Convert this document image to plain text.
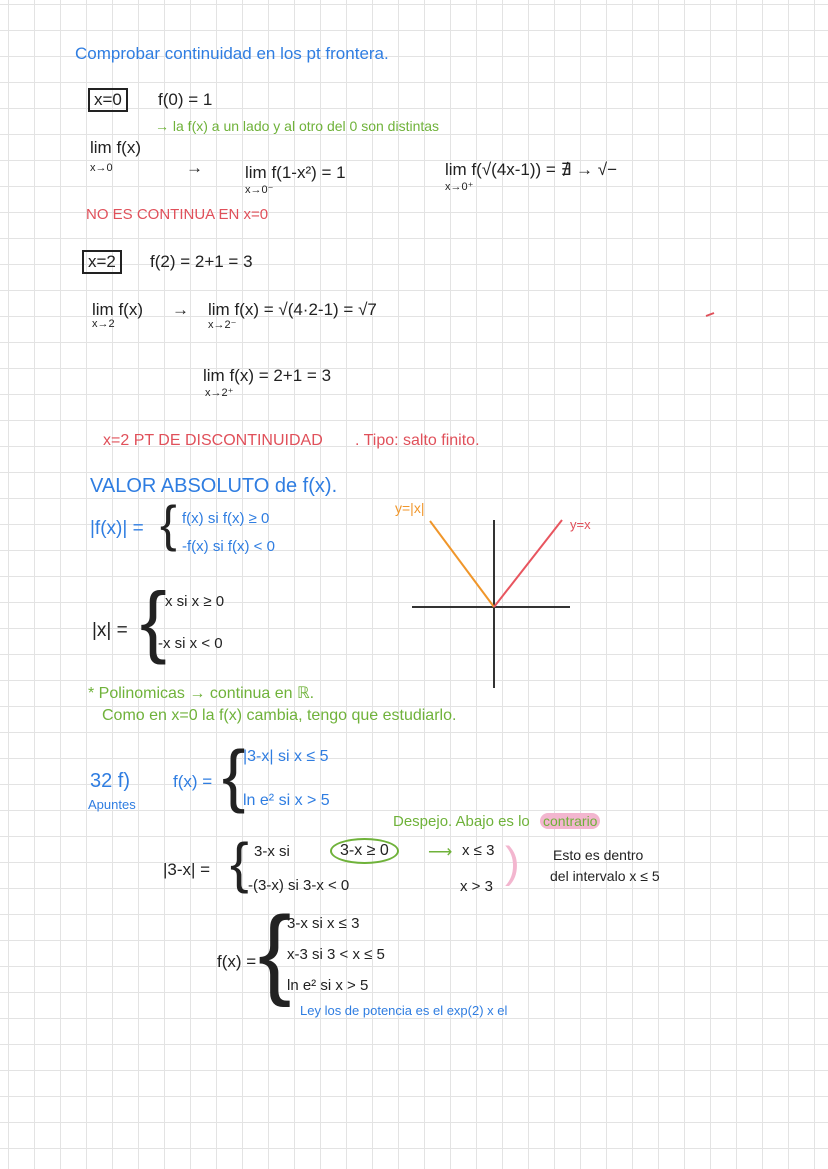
Comprobar continuidad en los pt frontera.
x=0	f(0) = 1
→ la f(x) a un lado y al otro del 0 son distintas
lim f(x)
x→0	→ lim f(1-x²) = 1
x→0⁻
lim f(√(4x-1)) = ∄ → √−
x→0⁺
NO ES CONTINUA EN x=0
x=2	f(2) = 2+1 = 3
lim f(x)
x→2
→ lim f(x) = √(4·2-1) = √7
x→2⁻
lim f(x) = 2+1 = 3
x→2⁺
x=2 PT DE DISCONTINUIDAD . Tipo: salto finito.
VALOR ABSOLUTO de f(x).
|f(x)| = { f(x) si f(x) ≥ 0
-f(x) si f(x) < 0
|x| = {
x si x ≥ 0
-x si x < 0
y=|x|
y=x
* Polinomicas → continua en ℝ.
Como en x=0 la f(x) cambia, tengo que estudiarlo.
32 f)
Apuntes
f(x) = {
|3-x| si x ≤ 5
ln e² si x > 5
Despejo. Abajo es lo contrario
|3-x| = { 3-x si	3-x ≥ 0	⟶ x ≤ 3
-(3-x) si 3-x < 0	x > 3 ) Esto es dentro
del intervalo x ≤ 5
f(x) = {
3-x si x ≤ 3
x-3 si 3 < x ≤ 5
ln e² si x > 5
Ley los de potencia es el exp(2) x el
